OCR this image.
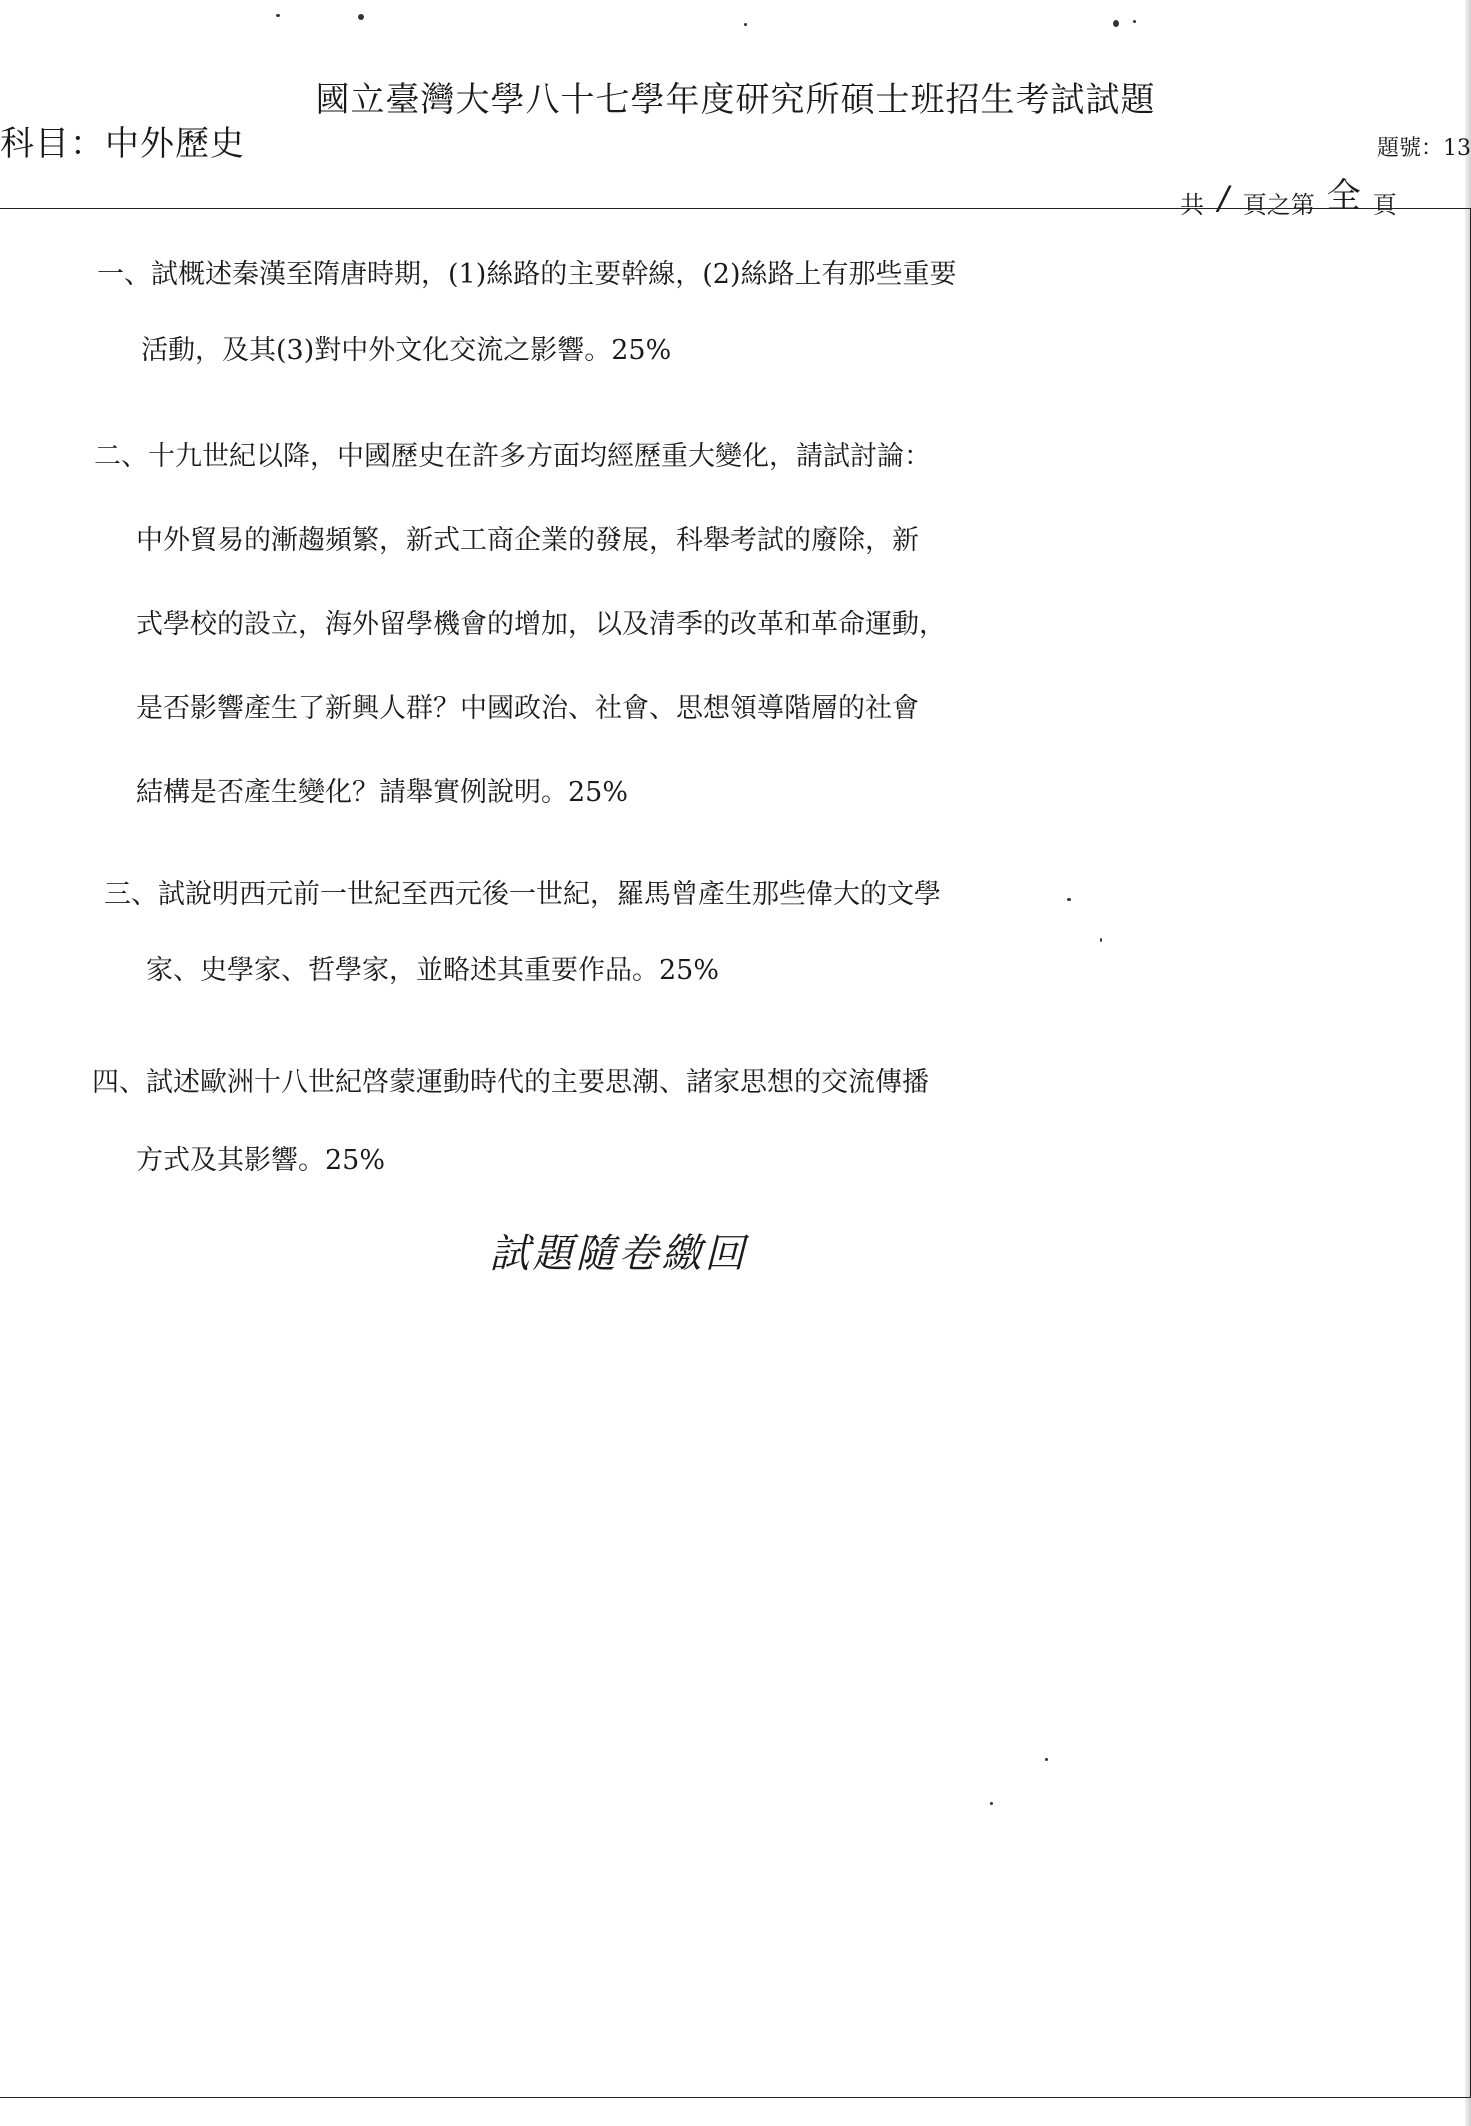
國立臺灣大學八十七學年度研究所碩士班招生考試試題
科目：中外歷史	題號：13
共 / 頁之第 全 頁
一、試概述秦漢至隋唐時期，(1)絲路的主要幹線，(2)絲路上有那些重要
活動，及其(3)對中外文化交流之影響。25%
二、十九世紀以降，中國歷史在許多方面均經歷重大變化，請試討論：
中外貿易的漸趨頻繁，新式工商企業的發展，科舉考試的廢除，新
式學校的設立，海外留學機會的增加，以及清季的改革和革命運動，
是否影響產生了新興人群？中國政治、社會、思想領導階層的社會
結構是否產生變化？請舉實例說明。25%
三、試說明西元前一世紀至西元後一世紀，羅馬曾產生那些偉大的文學
家、史學家、哲學家，並略述其重要作品。25%
四、試述歐洲十八世紀啓蒙運動時代的主要思潮、諸家思想的交流傳播
方式及其影響。25%
試題隨卷繳回
